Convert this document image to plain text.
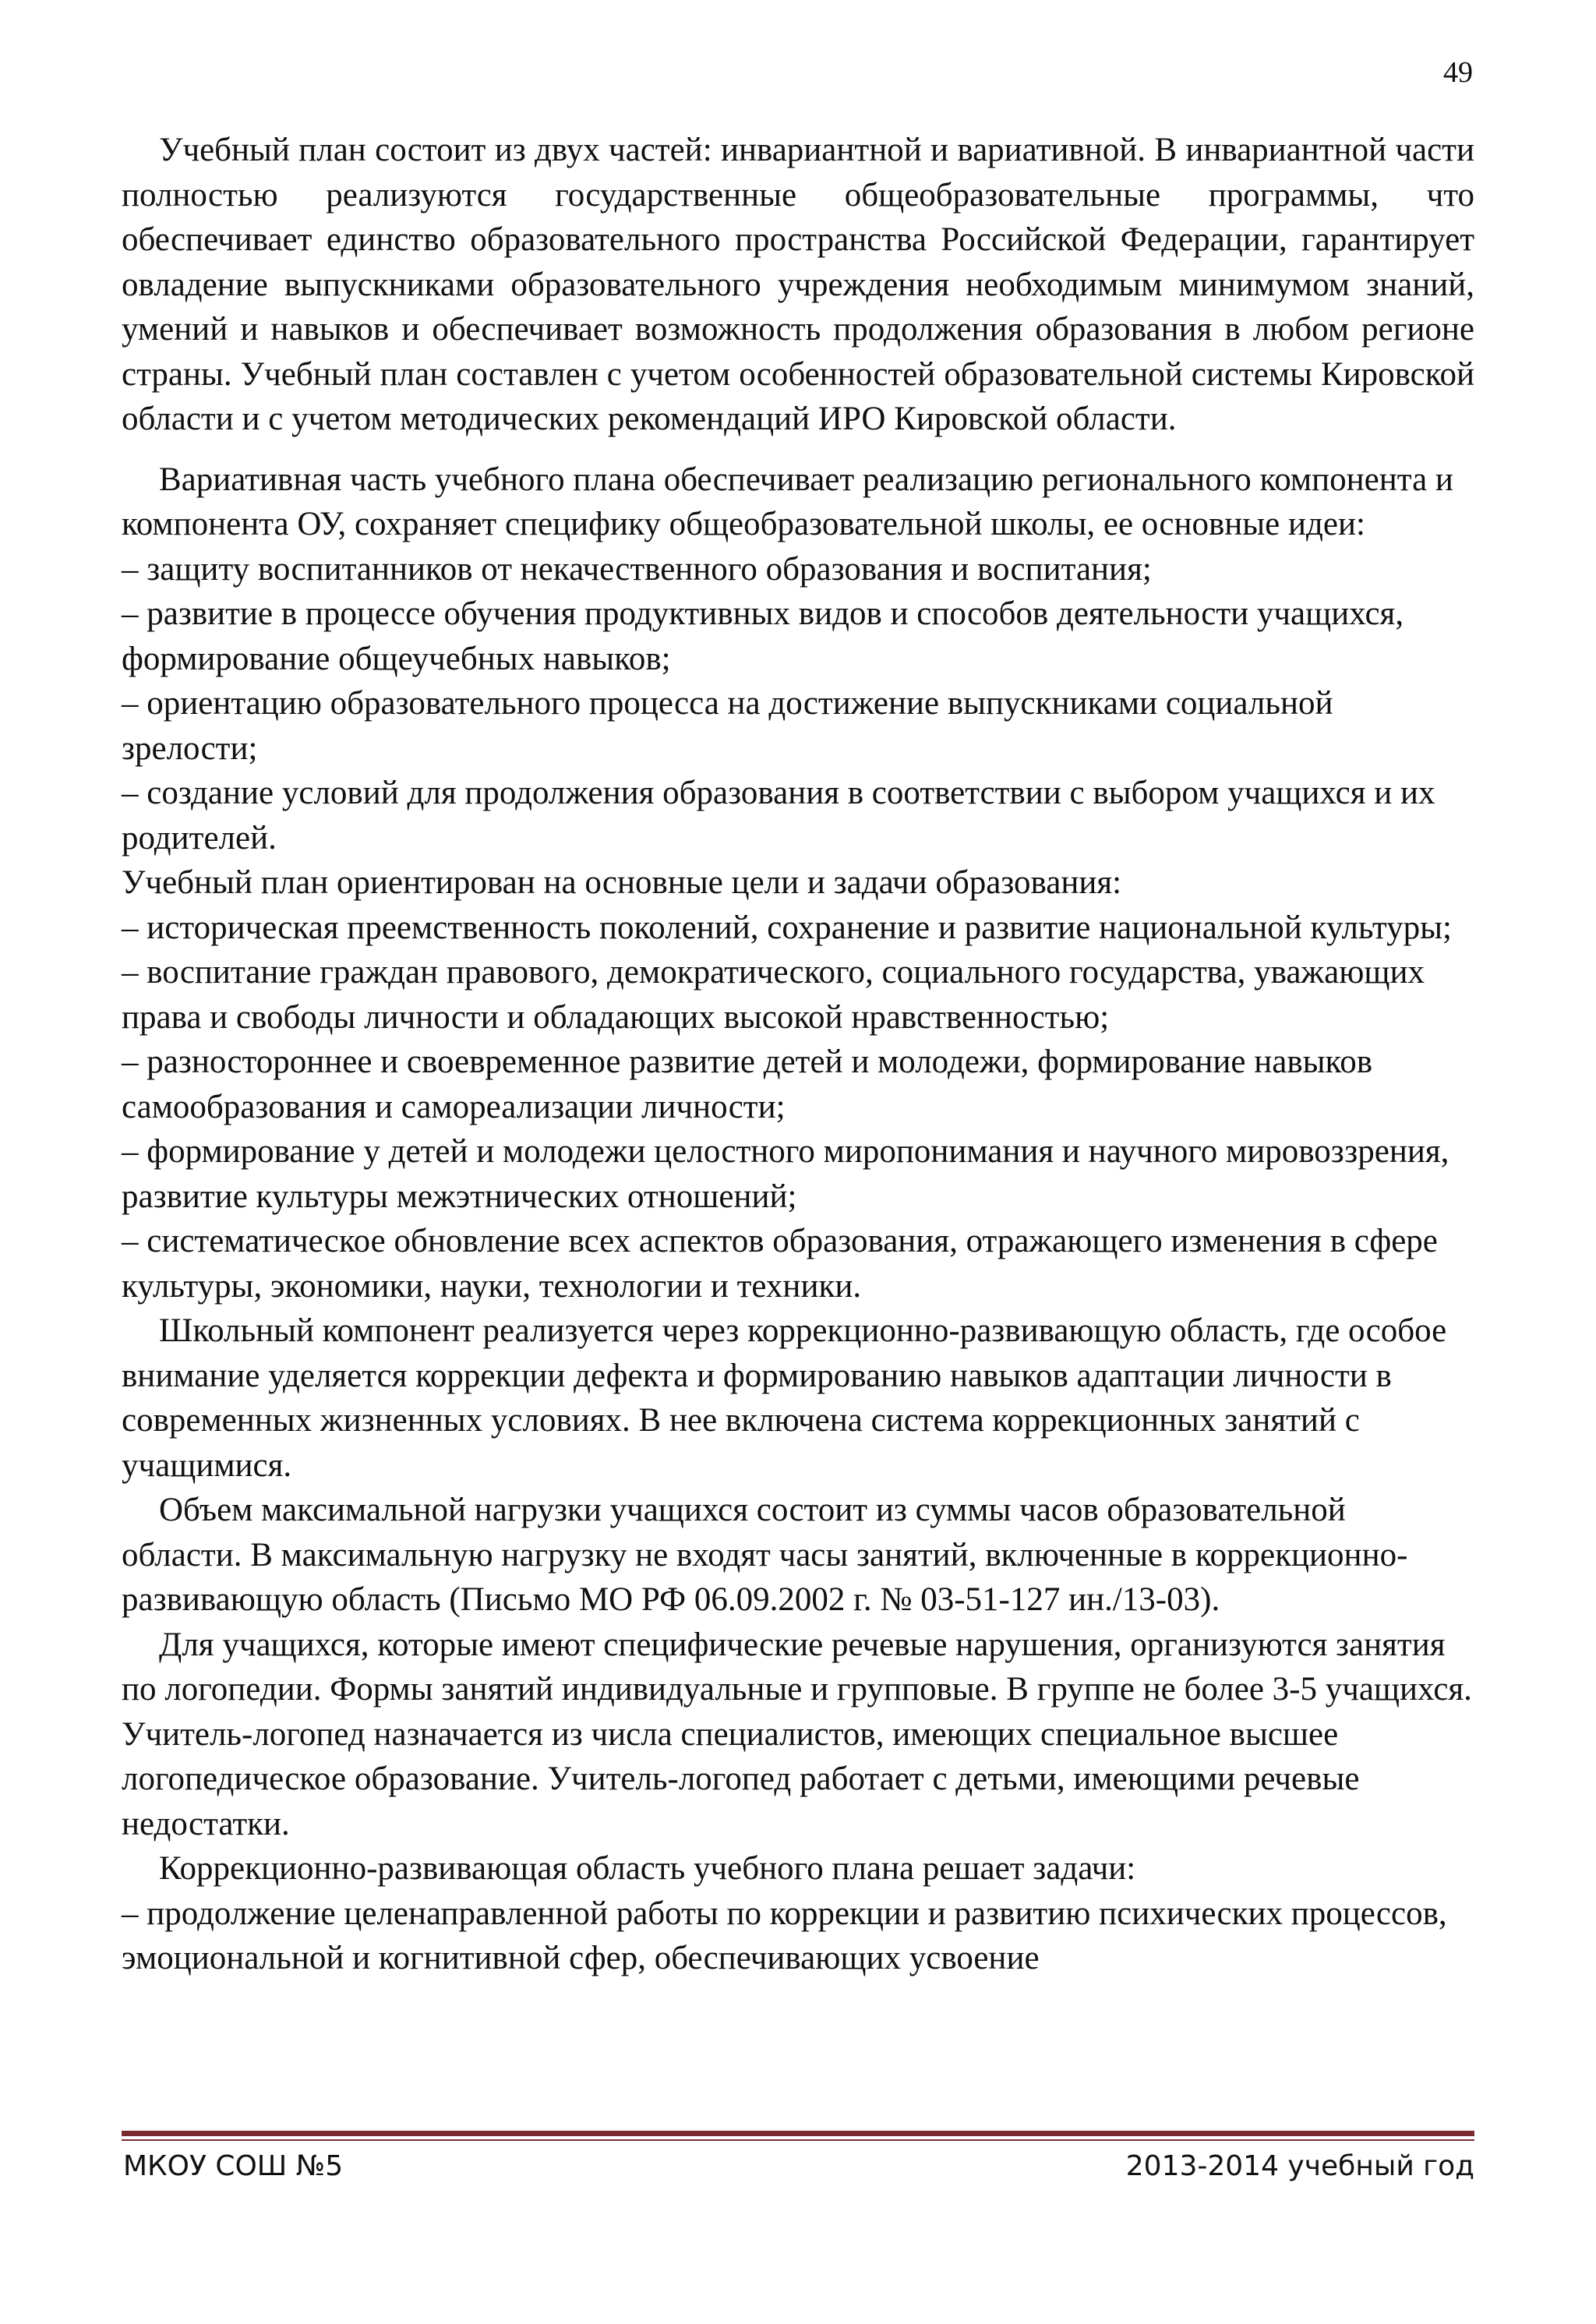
49

Учебный план состоит из двух частей: инвариантной и вариативной. В инвариантной части полностью реализуются государственные общеобразовательные программы, что обеспечивает единство образовательного пространства Российской Федерации, гарантирует овладение выпускниками образовательного учреждения необходимым минимумом знаний, умений и навыков и обеспечивает возможность продолжения образования в любом регионе страны. Учебный план составлен с учетом особенностей образовательной системы Кировской области и с учетом методических рекомендаций ИРО Кировской области.

Вариативная часть учебного плана обеспечивает реализацию регионального компонента и компонента ОУ, сохраняет специфику общеобразовательной школы, ее основные идеи:

– защиту воспитанников от некачественного образования и воспитания;

– развитие в процессе обучения продуктивных видов и способов деятельности учащихся, формирование общеучебных навыков;

– ориентацию образовательного процесса на достижение выпускниками социальной зрелости;

– создание условий для продолжения образования в соответствии с выбором учащихся и их родителей.

Учебный план ориентирован на основные цели и задачи образования:

– историческая преемственность поколений, сохранение и развитие национальной культуры;

– воспитание граждан правового, демократического, социального государства, уважающих права и свободы личности и обладающих высокой нравственностью;

– разностороннее и своевременное развитие детей и молодежи, формирование навыков самообразования и самореализации личности;

– формирование у детей и молодежи целостного миропонимания и научного мировоззрения, развитие культуры межэтнических отношений;

– систематическое обновление всех аспектов образования, отражающего изменения в сфере культуры, экономики, науки, технологии и техники.

Школьный компонент реализуется через коррекционно-развивающую область, где особое внимание уделяется коррекции дефекта и формированию навыков адаптации личности в современных жизненных условиях. В нее включена система коррекционных занятий с учащимися.

Объем максимальной нагрузки учащихся состоит из суммы часов образовательной области. В максимальную нагрузку не входят часы занятий, включенные в коррекционно-развивающую область (Письмо МО РФ 06.09.2002 г. № 03-51-127 ин./13-03).

Для учащихся, которые имеют специфические речевые нарушения, организуются занятия по логопедии. Формы занятий индивидуальные и групповые. В группе не более 3-5 учащихся. Учитель-логопед назначается из числа специалистов, имеющих специальное высшее логопедическое образование. Учитель-логопед работает с детьми, имеющими речевые недостатки.

Коррекционно-развивающая область учебного плана решает задачи:

– продолжение целенаправленной работы по коррекции и развитию психических процессов, эмоциональной и когнитивной сфер, обеспечивающих усвоение

МКОУ СОШ №5	2013-2014 учебный год
